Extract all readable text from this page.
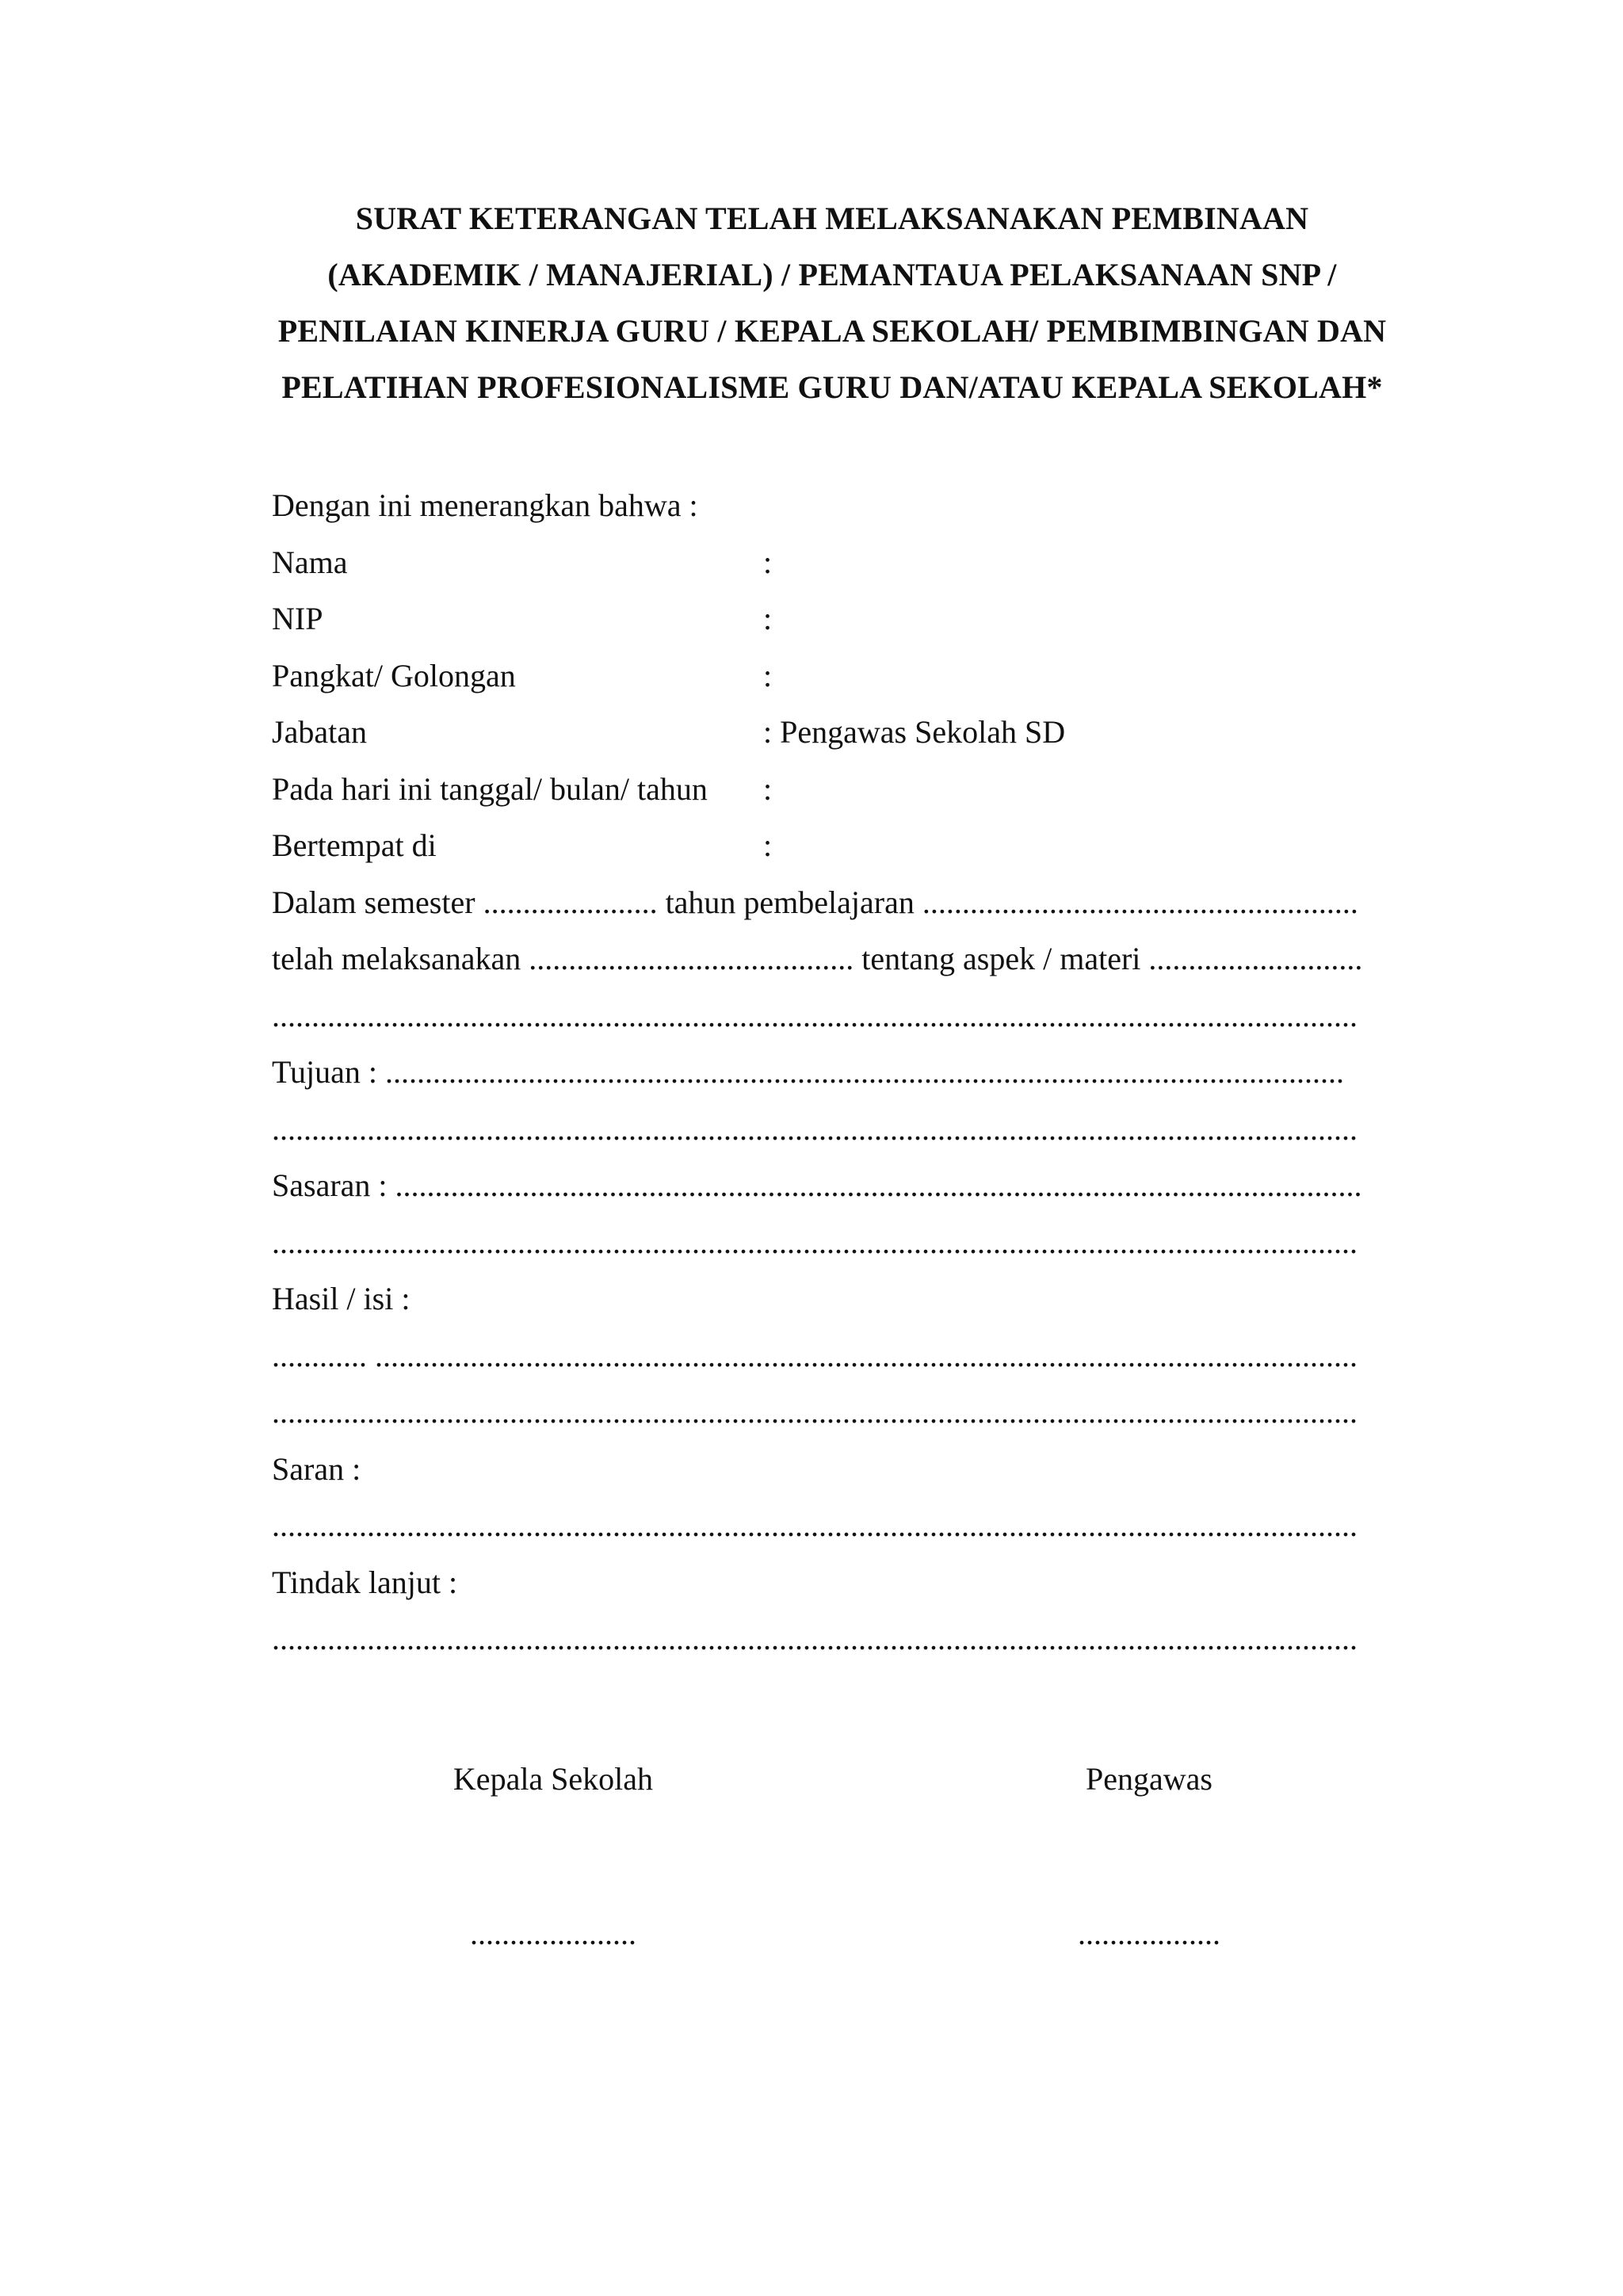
SURAT KETERANGAN TELAH MELAKSANAKAN PEMBINAAN
(AKADEMIK / MANAJERIAL) / PEMANTAUA PELAKSANAAN SNP /
PENILAIAN KINERJA GURU / KEPALA SEKOLAH/ PEMBIMBINGAN DAN
PELATIHAN PROFESIONALISME GURU DAN/ATAU KEPALA SEKOLAH*
Dengan ini menerangkan bahwa :
Nama	:
NIP	:
Pangkat/ Golongan	:
Jabatan	: Pengawas Sekolah SD
Pada hari ini tanggal/ bulan/ tahun :
Bertempat di	:
Dalam semester ...................... tahun pembelajaran .......................................................
telah melaksanakan ......................................... tentang aspek / materi ...........................
.........................................................................................................................................
Tujuan : .........................................................................................................................
.........................................................................................................................................
Sasaran : ..........................................................................................................................
.........................................................................................................................................
Hasil / isi :
............ ............................................................................................................................
.........................................................................................................................................
Saran :
.........................................................................................................................................
Tindak lanjut :
.........................................................................................................................................
Kepala Sekolah
.....................
Pengawas
..................
